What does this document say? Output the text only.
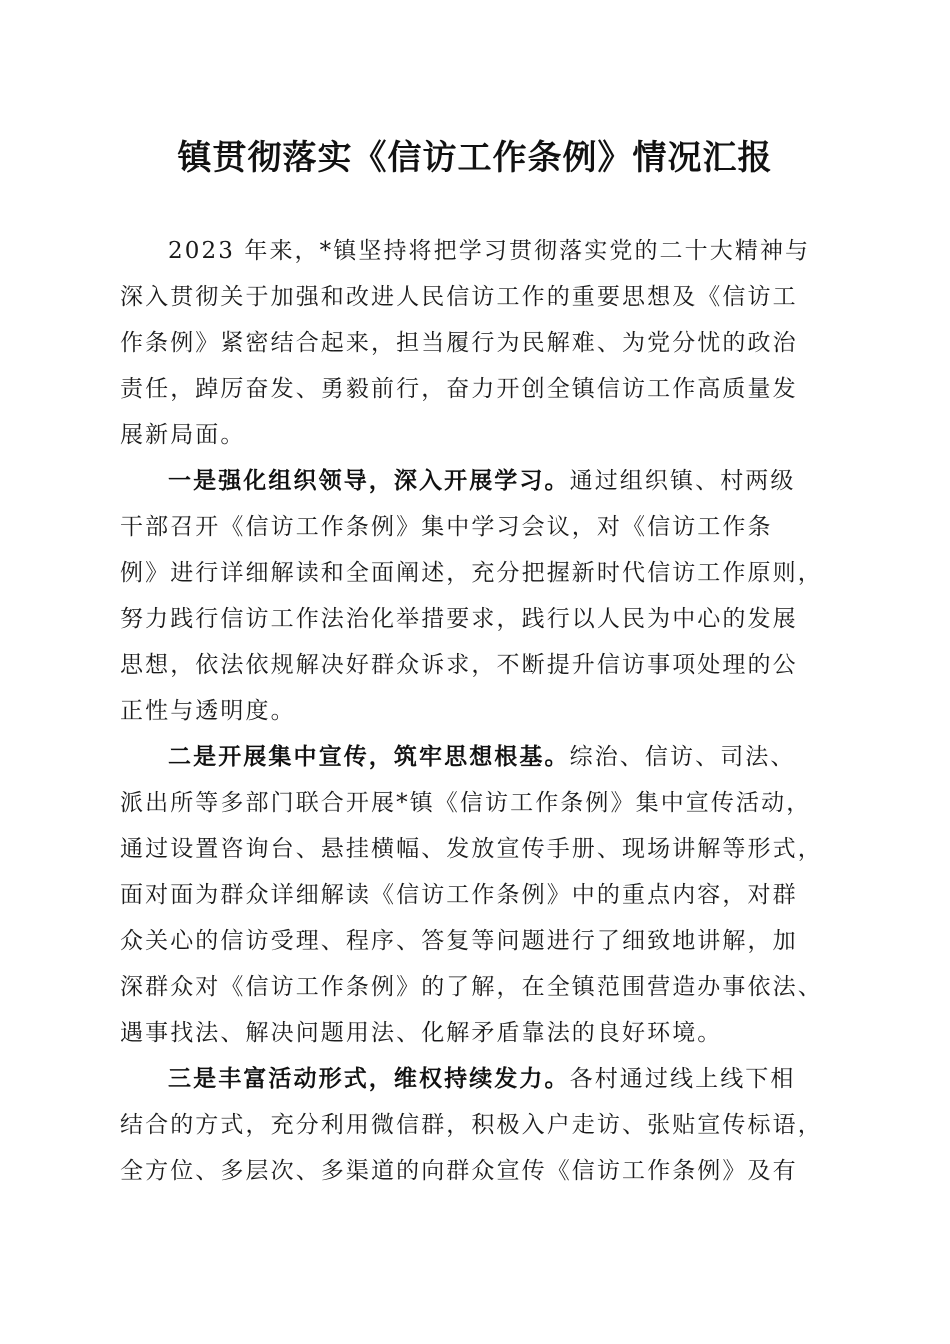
镇贯彻落实《信访工作条例》情况汇报
2023 年来，*镇坚持将把学习贯彻落实党的二十大精神与
深入贯彻关于加强和改进人民信访工作的重要思想及《信访工
作条例》紧密结合起来，担当履行为民解难、为党分忧的政治
责任，踔厉奋发、勇毅前行，奋力开创全镇信访工作高质量发
展新局面。
一是强化组织领导，深入开展学习。通过组织镇、村两级
干部召开《信访工作条例》集中学习会议，对《信访工作条
例》进行详细解读和全面阐述，充分把握新时代信访工作原则，
努力践行信访工作法治化举措要求，践行以人民为中心的发展
思想，依法依规解决好群众诉求，不断提升信访事项处理的公
正性与透明度。
二是开展集中宣传，筑牢思想根基。综治、信访、司法、
派出所等多部门联合开展*镇《信访工作条例》集中宣传活动，
通过设置咨询台、悬挂横幅、发放宣传手册、现场讲解等形式，
面对面为群众详细解读《信访工作条例》中的重点内容，对群
众关心的信访受理、程序、答复等问题进行了细致地讲解，加
深群众对《信访工作条例》的了解，在全镇范围营造办事依法、
遇事找法、解决问题用法、化解矛盾靠法的良好环境。
三是丰富活动形式，维权持续发力。各村通过线上线下相
结合的方式，充分利用微信群，积极入户走访、张贴宣传标语，
全方位、多层次、多渠道的向群众宣传《信访工作条例》及有
